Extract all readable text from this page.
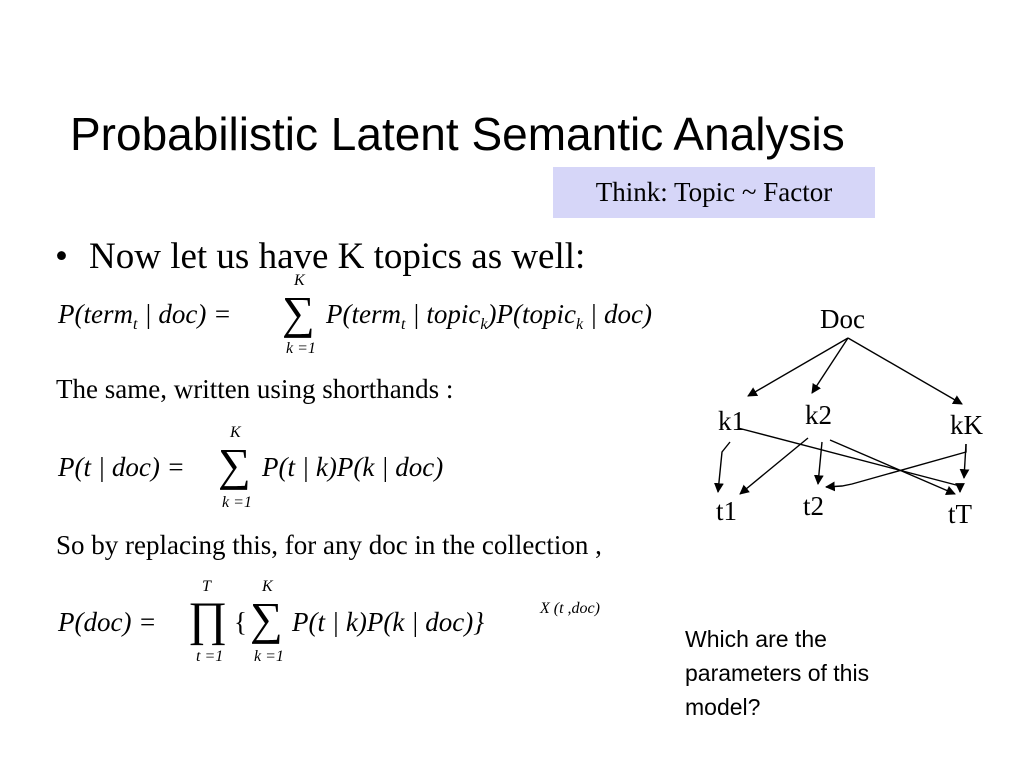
Probabilistic Latent Semantic Analysis
Think: Topic ~ Factor
• Now let us have K topics as well:
P(term$_t$ | doc) =
K
∑
k =1
P(term$_t$ | topic$_k$)P(topic$_k$ | doc)
The same, written using shorthands :
P(t | doc) =
K
∑
k =1
P(t | k)P(k | doc)
So by replacing this, for any doc in the collection ,
P(doc) =
T
∏
t =1
{
K
∑
k =1
P(t | k)P(k | doc)}	X (t ,doc)
Which are the parameters of this model?
Doc
k1 k2	kK
t1 t2	tT
